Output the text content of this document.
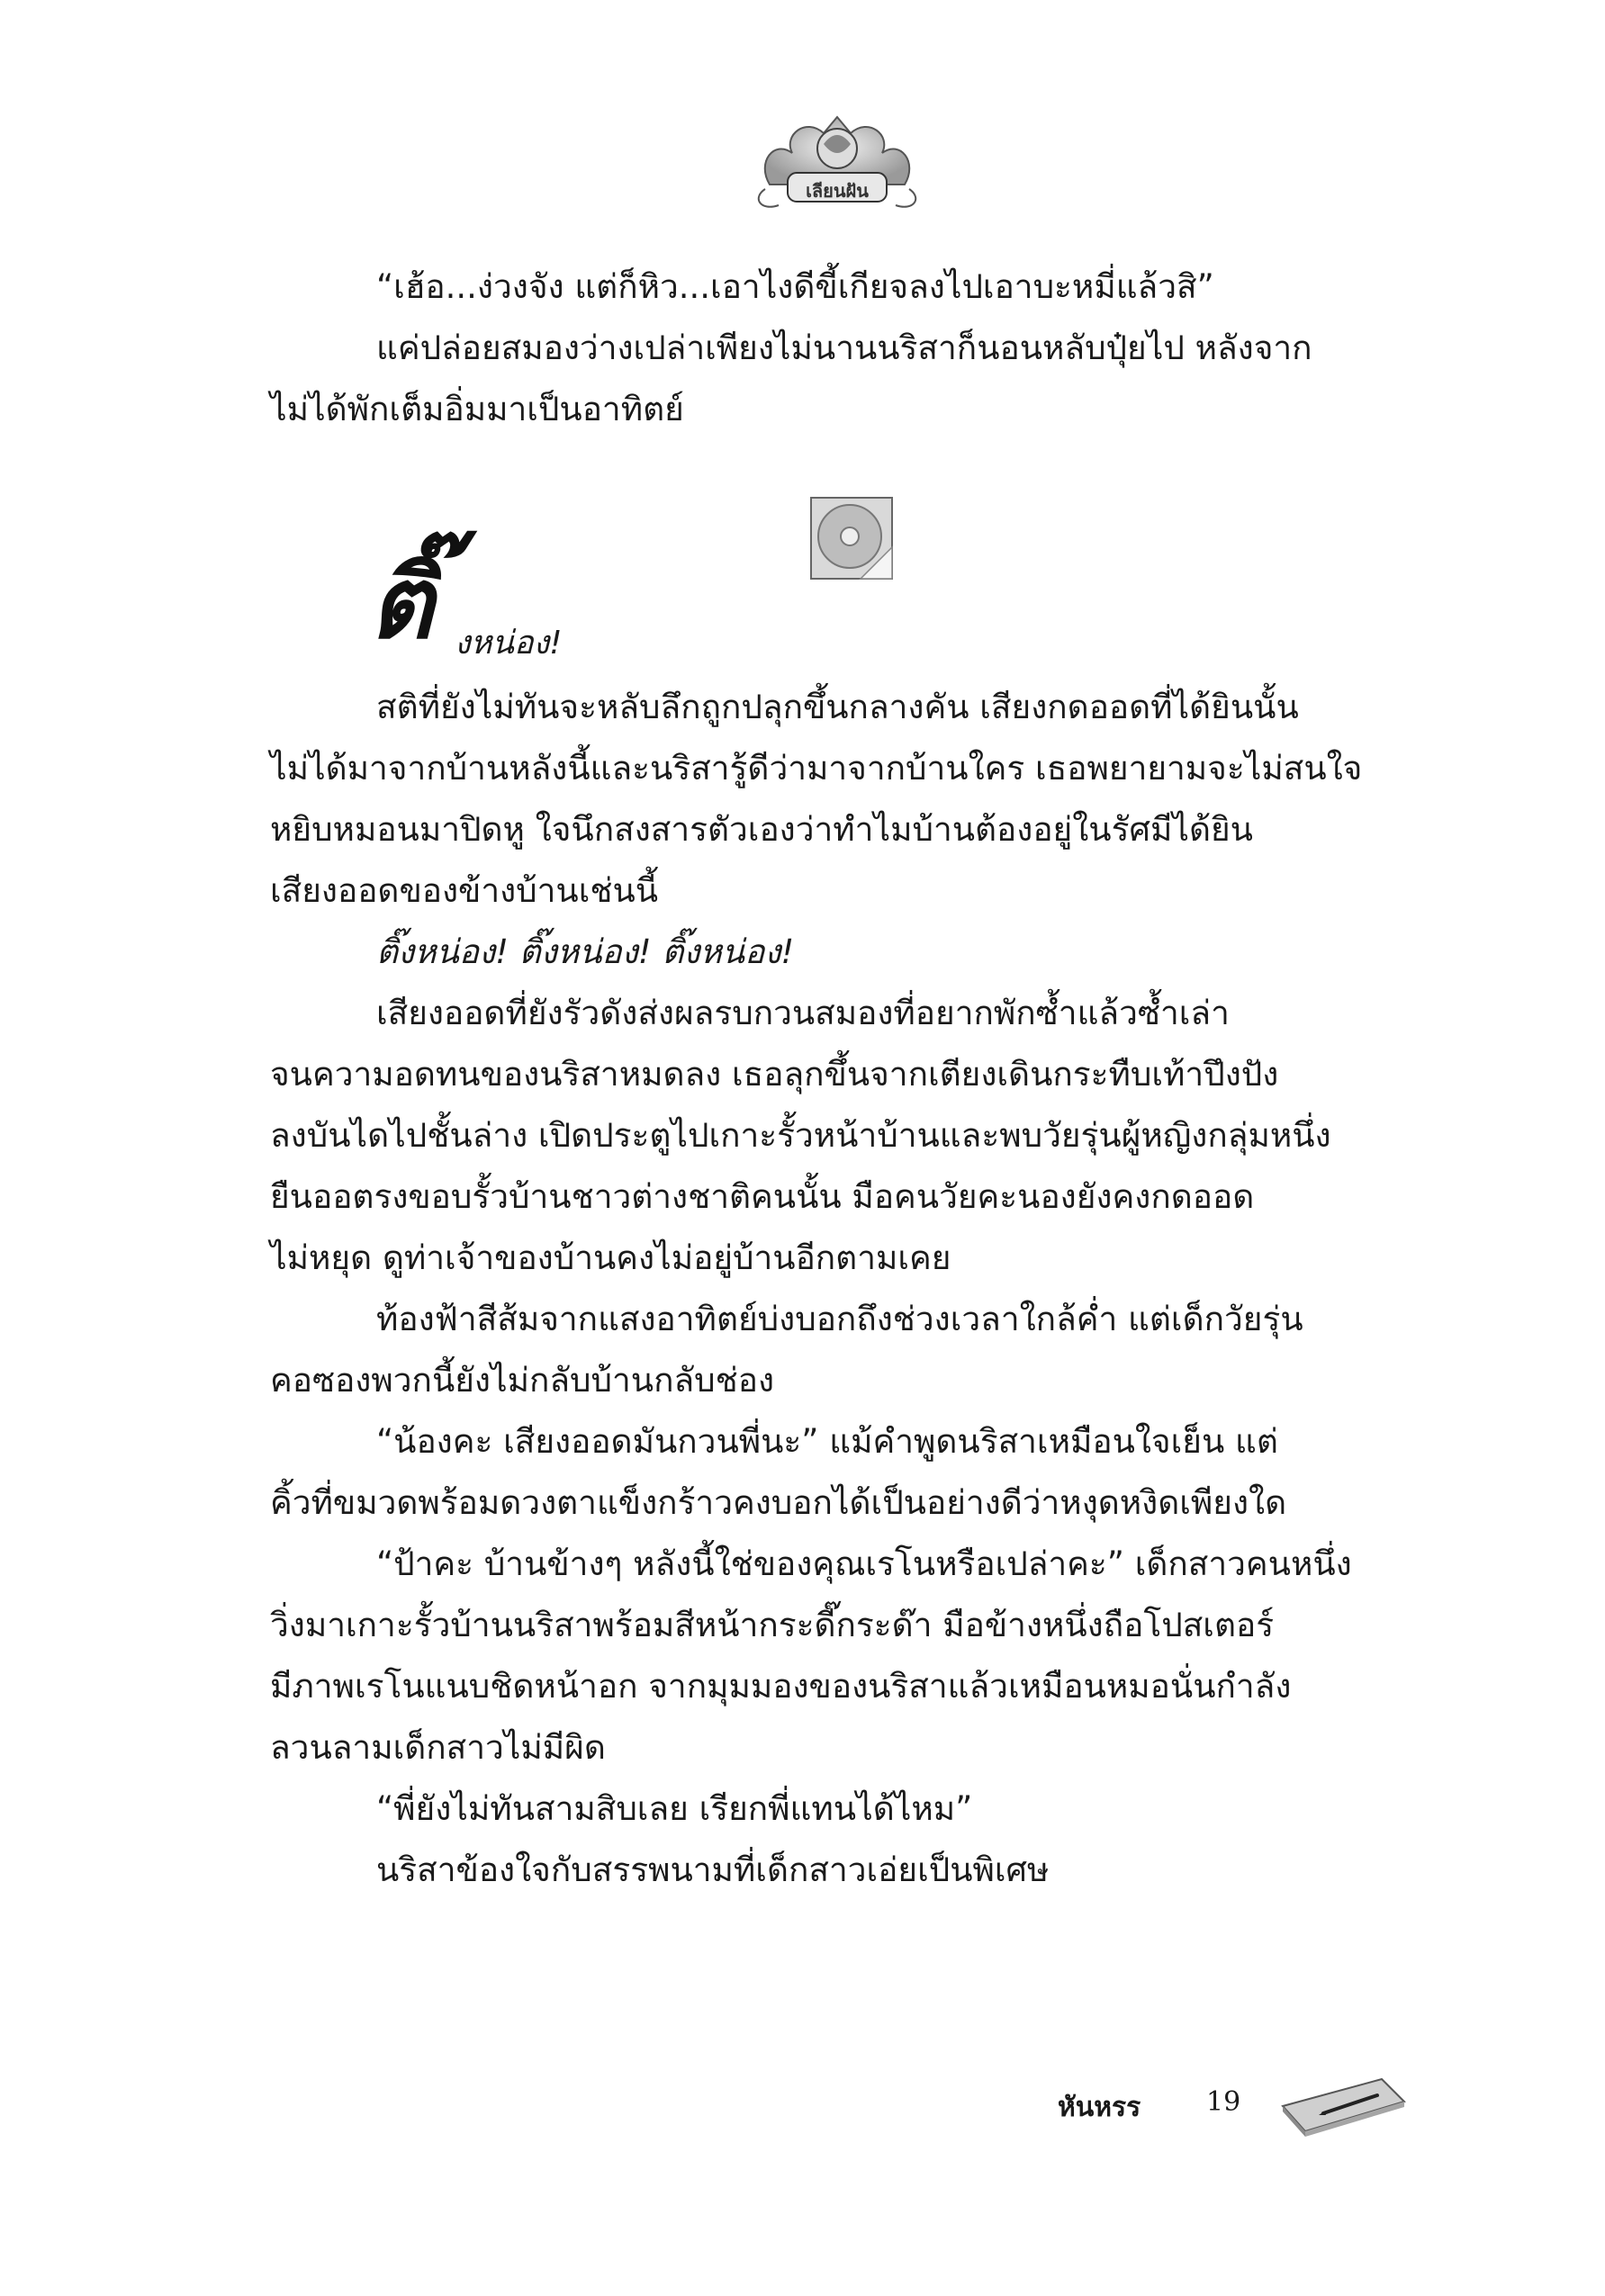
เลียนฝัน

“เฮ้อ...ง่วงจัง แต่ก็หิว...เอาไงดีขี้เกียจลงไปเอาบะหมี่แล้วสิ”

แค่ปล่อยสมองว่างเปล่าเพียงไม่นานนริสาก็นอนหลับปุ๋ยไป หลังจาก
ไม่ได้พักเต็มอิ่มมาเป็นอาทิตย์

ติ๊ งหน่อง!

สติที่ยังไม่ทันจะหลับลึกถูกปลุกขึ้นกลางคัน เสียงกดออดที่ได้ยินนั้น
ไม่ได้มาจากบ้านหลังนี้และนริสารู้ดีว่ามาจากบ้านใคร เธอพยายามจะไม่สนใจ
หยิบหมอนมาปิดหู ใจนึกสงสารตัวเองว่าทำไมบ้านต้องอยู่ในรัศมีได้ยิน
เสียงออดของข้างบ้านเช่นนี้

ติ๊งหน่อง! ติ๊งหน่อง! ติ๊งหน่อง!

เสียงออดที่ยังรัวดังส่งผลรบกวนสมองที่อยากพักซ้ำแล้วซ้ำเล่า
จนความอดทนของนริสาหมดลง เธอลุกขึ้นจากเตียงเดินกระทืบเท้าปึงปัง
ลงบันไดไปชั้นล่าง เปิดประตูไปเกาะรั้วหน้าบ้านและพบวัยรุ่นผู้หญิงกลุ่มหนึ่ง
ยืนออตรงขอบรั้วบ้านชาวต่างชาติคนนั้น มือคนวัยคะนองยังคงกดออด
ไม่หยุด ดูท่าเจ้าของบ้านคงไม่อยู่บ้านอีกตามเคย

ท้องฟ้าสีส้มจากแสงอาทิตย์บ่งบอกถึงช่วงเวลาใกล้ค่ำ แต่เด็กวัยรุ่น
คอซองพวกนี้ยังไม่กลับบ้านกลับช่อง

“น้องคะ เสียงออดมันกวนพี่นะ” แม้คำพูดนริสาเหมือนใจเย็น แต่
คิ้วที่ขมวดพร้อมดวงตาแข็งกร้าวคงบอกได้เป็นอย่างดีว่าหงุดหงิดเพียงใด

“ป้าคะ บ้านข้างๆ หลังนี้ใช่ของคุณเรโนหรือเปล่าคะ” เด็กสาวคนหนึ่ง
วิ่งมาเกาะรั้วบ้านนริสาพร้อมสีหน้ากระดี๊กระด๊า มือข้างหนึ่งถือโปสเตอร์
มีภาพเรโนแนบชิดหน้าอก จากมุมมองของนริสาแล้วเหมือนหมอนั่นกำลัง
ลวนลามเด็กสาวไม่มีผิด

“พี่ยังไม่ทันสามสิบเลย เรียกพี่แทนได้ไหม”

นริสาข้องใจกับสรรพนามที่เด็กสาวเอ่ยเป็นพิเศษ

หันหรร 19
